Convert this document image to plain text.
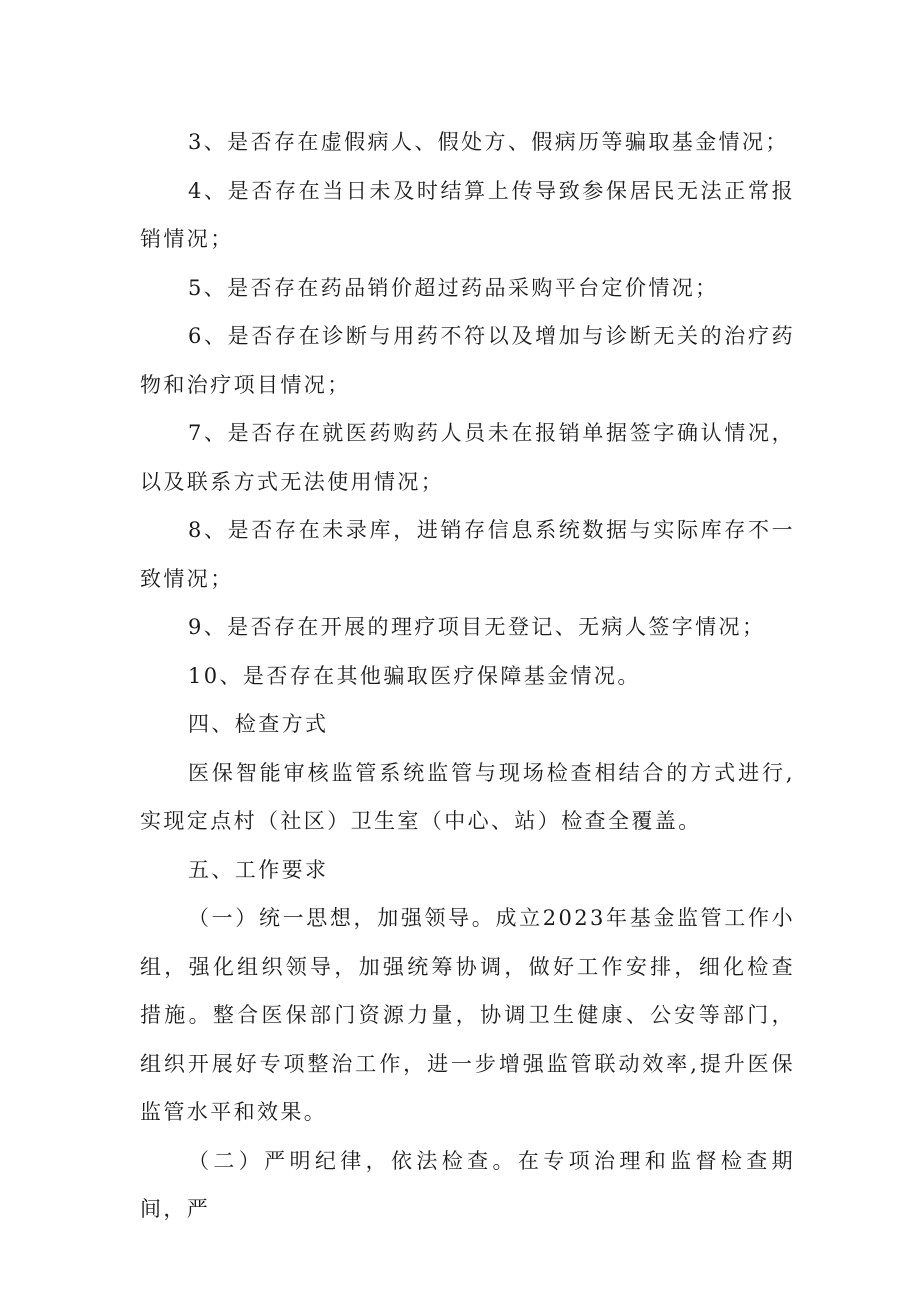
3、是否存在虚假病人、假处方、假病历等骗取基金情况；

4、是否存在当日未及时结算上传导致参保居民无法正常报销情况；

5、是否存在药品销价超过药品采购平台定价情况；

6、是否存在诊断与用药不符以及增加与诊断无关的治疗药物和治疗项目情况；

7、是否存在就医药购药人员未在报销单据签字确认情况，以及联系方式无法使用情况；

8、是否存在未录库，进销存信息系统数据与实际库存不一致情况；

9、是否存在开展的理疗项目无登记、无病人签字情况；

10、是否存在其他骗取医疗保障基金情况。

四、检查方式

医保智能审核监管系统监管与现场检查相结合的方式进行,实现定点村（社区）卫生室（中心、站）检查全覆盖。

五、工作要求

（一）统一思想，加强领导。成立2023年基金监管工作小组，强化组织领导，加强统筹协调，做好工作安排，细化检查措施。整合医保部门资源力量，协调卫生健康、公安等部门，组织开展好专项整治工作，进一步增强监管联动效率,提升医保监管水平和效果。

（二）严明纪律，依法检查。在专项治理和监督检查期间，严
